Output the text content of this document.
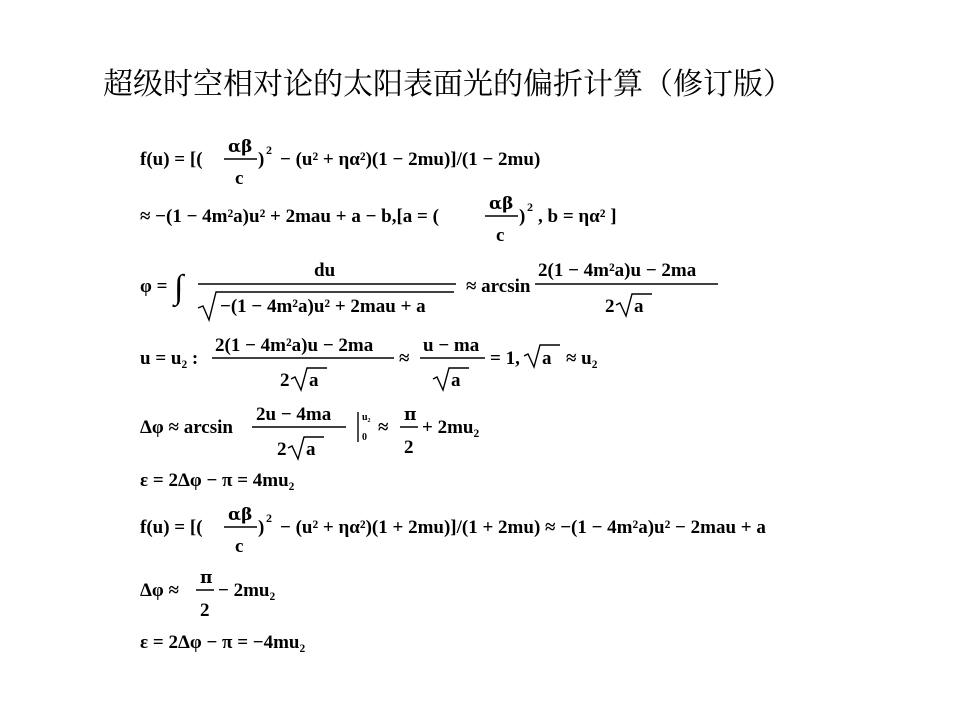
超级时空相对论的太阳表面光的偏折计算（修订版）
f(u) = [(
αβ
c
) 2 − (u² + ηα²)(1 − 2mu)]/(1 − 2mu)
≈ −(1 − 4m²a)u² + 2mau + a − b,[a = (
αβ
c
) 2 , b = ηα² ]
φ = ∫	du
−(1 − 4m²a)u² + 2mau + a
≈ arcsin
2(1 − 4m²a)u − 2ma
2 a
u = u₂ :
2(1 − 4m²a)u − 2ma
2 a
≈
u − ma
a
= 1, a ≈ u₂
Δφ ≈ arcsin
2u − 4ma
2 a
u₂
0 ≈
π
2
+ 2mu₂
ε = 2Δφ − π = 4mu₂
f(u) = [(
αβ
c
) 2 − (u² + ηα²)(1 + 2mu)]/(1 + 2mu) ≈ −(1 − 4m²a)u² − 2mau + a
Δφ ≈
π
2
− 2mu₂
ε = 2Δφ − π = −4mu₂
